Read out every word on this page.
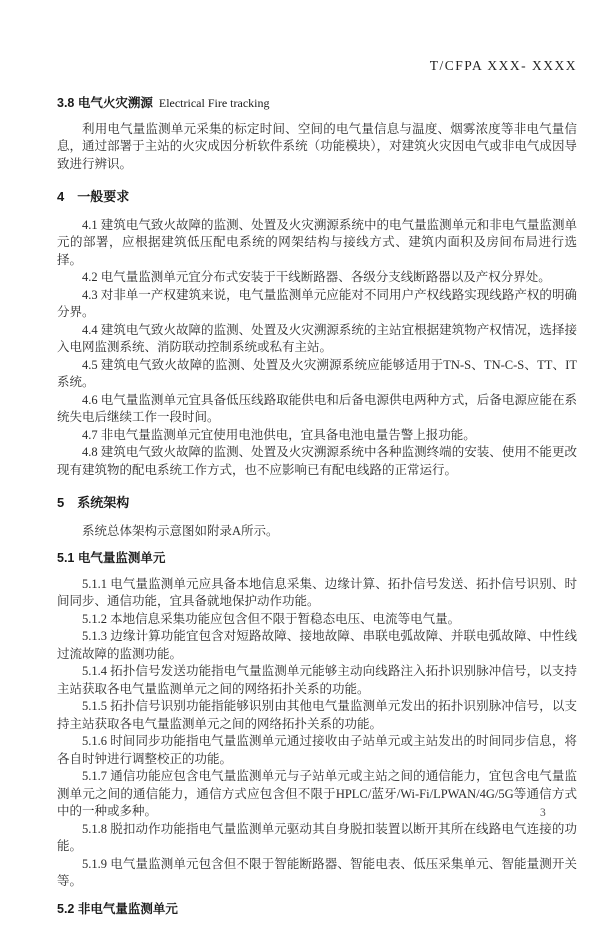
T/CFPA XXX- XXXX
3.8 电气火灾溯源 Electrical Fire tracking

利用电气量监测单元采集的标定时间、空间的电气量信息与温度、烟雾浓度等非电气量信息，通过部署于主站的火灾成因分析软件系统（功能模块），对建筑火灾因电气或非电气成因导致进行辨识。

4　一般要求

4.1 建筑电气致火故障的监测、处置及火灾溯源系统中的电气量监测单元和非电气量监测单元的部署，应根据建筑低压配电系统的网架结构与接线方式、建筑内面积及房间布局进行选择。

4.2 电气量监测单元宜分布式安装于干线断路器、各级分支线断路器以及产权分界处。

4.3 对非单一产权建筑来说，电气量监测单元应能对不同用户产权线路实现线路产权的明确分界。

4.4 建筑电气致火故障的监测、处置及火灾溯源系统的主站宜根据建筑物产权情况，选择接入电网监测系统、消防联动控制系统或私有主站。

4.5 建筑电气致火故障的监测、处置及火灾溯源系统应能够适用于TN-S、TN-C-S、TT、IT系统。

4.6 电气量监测单元宜具备低压线路取能供电和后备电源供电两种方式，后备电源应能在系统失电后继续工作一段时间。

4.7 非电气量监测单元宜使用电池供电，宜具备电池电量告警上报功能。

4.8 建筑电气致火故障的监测、处置及火灾溯源系统中各种监测终端的安装、使用不能更改现有建筑物的配电系统工作方式，也不应影响已有配电线路的正常运行。

5　系统架构

系统总体架构示意图如附录A所示。

5.1 电气量监测单元

5.1.1 电气量监测单元应具备本地信息采集、边缘计算、拓扑信号发送、拓扑信号识别、时间同步、通信功能，宜具备就地保护动作功能。

5.1.2 本地信息采集功能应包含但不限于暂稳态电压、电流等电气量。

5.1.3 边缘计算功能宜包含对短路故障、接地故障、串联电弧故障、并联电弧故障、中性线过流故障的监测功能。

5.1.4 拓扑信号发送功能指电气量监测单元能够主动向线路注入拓扑识别脉冲信号，以支持主站获取各电气量监测单元之间的网络拓扑关系的功能。

5.1.5 拓扑信号识别功能指能够识别由其他电气量监测单元发出的拓扑识别脉冲信号，以支持主站获取各电气量监测单元之间的网络拓扑关系的功能。

5.1.6 时间同步功能指电气量监测单元通过接收由子站单元或主站发出的时间同步信息，将各自时钟进行调整校正的功能。

5.1.7 通信功能应包含电气量监测单元与子站单元或主站之间的通信能力，宜包含电气量监测单元之间的通信能力，通信方式应包含但不限于HPLC/蓝牙/Wi-Fi/LPWAN/4G/5G等通信方式中的一种或多种。

5.1.8 脱扣动作功能指电气量监测单元驱动其自身脱扣装置以断开其所在线路电气连接的功能。

5.1.9 电气量监测单元包含但不限于智能断路器、智能电表、低压采集单元、智能量测开关等。

5.2 非电气量监测单元
3
